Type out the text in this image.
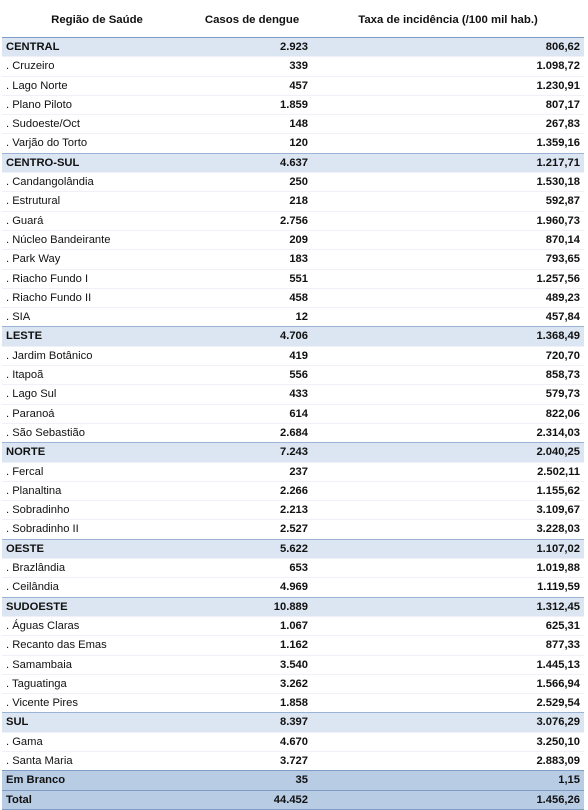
Região de Saúde	Casos de dengue	Taxa de incidência (/100 mil hab.)
CENTRAL	2.923	806,62
. Cruzeiro	339	1.098,72
. Lago Norte	457	1.230,91
. Plano Piloto	1.859	807,17
. Sudoeste/Oct	148	267,83
. Varjão do Torto	120	1.359,16
CENTRO-SUL	4.637	1.217,71
. Candangolândia	250	1.530,18
. Estrutural	218	592,87
. Guará	2.756	1.960,73
. Núcleo Bandeirante	209	870,14
. Park Way	183	793,65
. Riacho Fundo I	551	1.257,56
. Riacho Fundo II	458	489,23
. SIA	12	457,84
LESTE	4.706	1.368,49
. Jardim Botânico	419	720,70
. Itapoã	556	858,73
. Lago Sul	433	579,73
. Paranoá	614	822,06
. São Sebastião	2.684	2.314,03
NORTE	7.243	2.040,25
. Fercal	237	2.502,11
. Planaltina	2.266	1.155,62
. Sobradinho	2.213	3.109,67
. Sobradinho II	2.527	3.228,03
OESTE	5.622	1.107,02
. Brazlândia	653	1.019,88
. Ceilândia	4.969	1.119,59
SUDOESTE	10.889	1.312,45
. Águas Claras	1.067	625,31
. Recanto das Emas	1.162	877,33
. Samambaia	3.540	1.445,13
. Taguatinga	3.262	1.566,94
. Vicente Pires	1.858	2.529,54
SUL	8.397	3.076,29
. Gama	4.670	3.250,10
. Santa Maria	3.727	2.883,09
Em Branco	35	1,15
Total	44.452	1.456,26
